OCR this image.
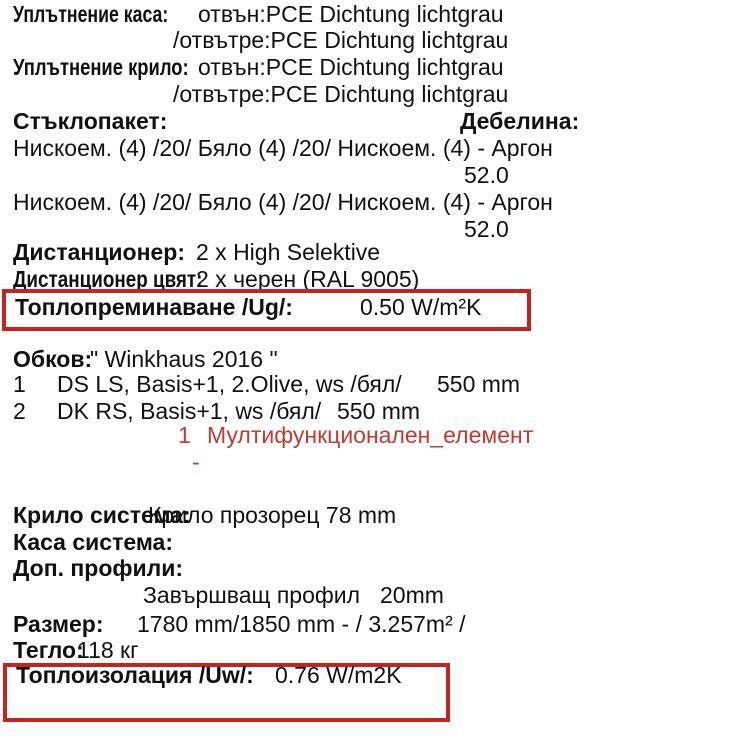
Уплътнение каса: отвън:PCE Dichtung lichtgrau
/отвътре:PCE Dichtung lichtgrau
Уплътнение крило: отвън:PCE Dichtung lichtgrau
/отвътре:PCE Dichtung lichtgrau
Стъклопакет:	Дебелина:
Нискоем. (4) /20/ Бяло (4) /20/ Нискоем. (4) - Аргон
52.0
Нискоем. (4) /20/ Бяло (4) /20/ Нискоем. (4) - Аргон
52.0
Дистанционер: 2 x High Selektive
Дистанционер цвят:
2 x черен (RAL 9005)
Топлопреминаване /Ug/:	0.50 W/m²K
Обков:
" Winkhaus 2016 "
1 DS LS, Basis+1, 2.Olive, ws /бял/ 550 mm
2 DK RS, Basis+1, ws /бял/ 550 mm
1 Мултифункционален_елемент
-
Крило система:
Крило прозорец 78 mm
Каса система:
Доп. профили:
Завършващ профил 20mm
Размер: 1780 mm/1850 mm - / 3.257m² /
Тегло:
118 кг
Топлоизолация /Uw/: 0.76 W/m2K
